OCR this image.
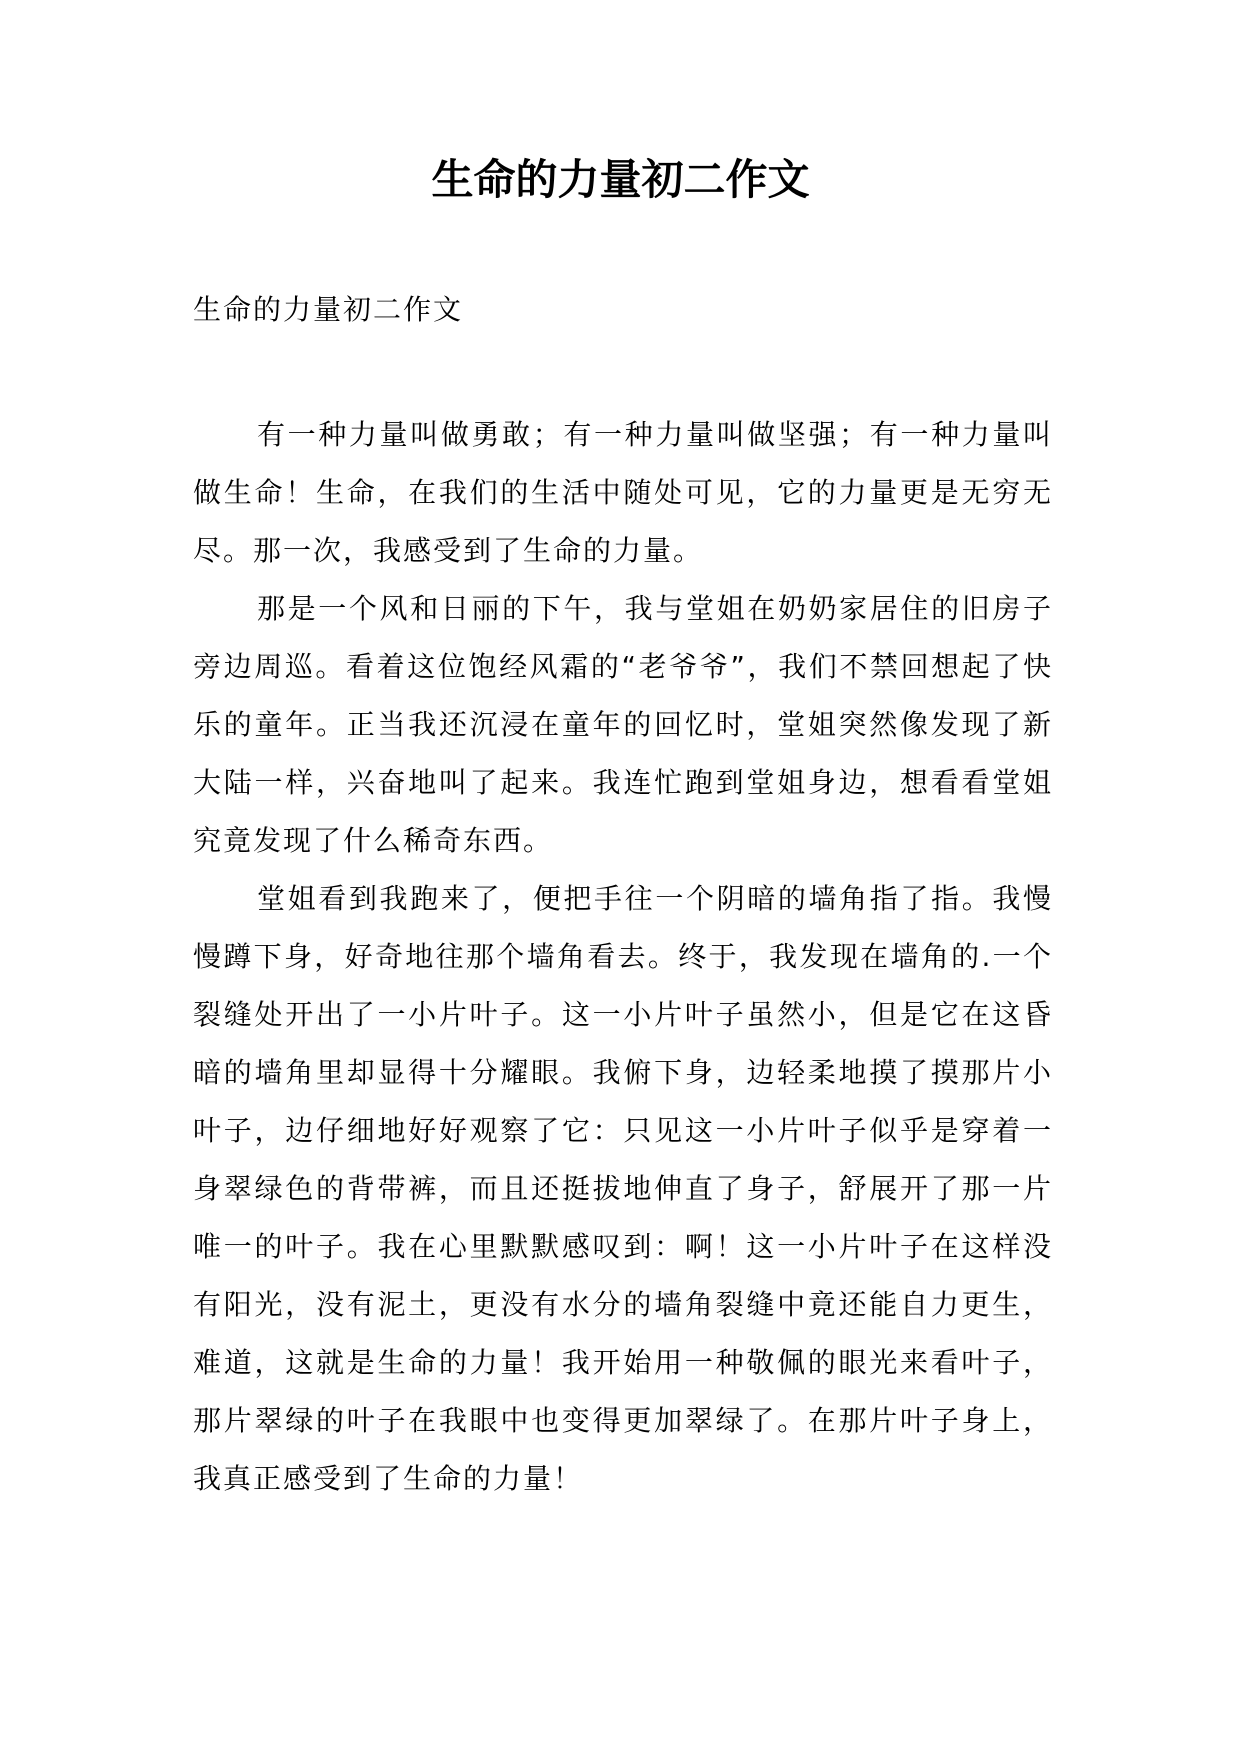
生命的力量初二作文

生命的力量初二作文

有一种力量叫做勇敢；有一种力量叫做坚强；有一种力量叫做生命！生命，在我们的生活中随处可见，它的力量更是无穷无尽。那一次，我感受到了生命的力量。

那是一个风和日丽的下午，我与堂姐在奶奶家居住的旧房子旁边周巡。看着这位饱经风霜的“老爷爷”，我们不禁回想起了快乐的童年。正当我还沉浸在童年的回忆时，堂姐突然像发现了新大陆一样，兴奋地叫了起来。我连忙跑到堂姐身边，想看看堂姐究竟发现了什么稀奇东西。

堂姐看到我跑来了，便把手往一个阴暗的墙角指了指。我慢慢蹲下身，好奇地往那个墙角看去。终于，我发现在墙角的.一个裂缝处开出了一小片叶子。这一小片叶子虽然小，但是它在这昏暗的墙角里却显得十分耀眼。我俯下身，边轻柔地摸了摸那片小叶子，边仔细地好好观察了它：只见这一小片叶子似乎是穿着一身翠绿色的背带裤，而且还挺拔地伸直了身子，舒展开了那一片唯一的叶子。我在心里默默感叹到：啊！这一小片叶子在这样没有阳光，没有泥土，更没有水分的墙角裂缝中竟还能自力更生，难道，这就是生命的力量！我开始用一种敬佩的眼光来看叶子，那片翠绿的叶子在我眼中也变得更加翠绿了。在那片叶子身上，我真正感受到了生命的力量！
